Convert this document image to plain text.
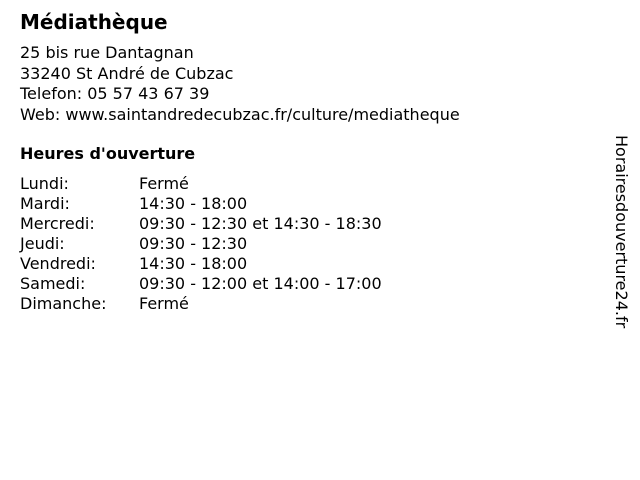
Médiathèque
25 bis rue Dantagnan
33240 St André de Cubzac
Telefon: 05 57 43 67 39
Web: www.saintandredecubzac.fr/culture/mediatheque
Heures d'ouverture
Lundi:	Fermé
Mardi:	14:30 - 18:00
Mercredi:	09:30 - 12:30 et 14:30 - 18:30
Jeudi:	09:30 - 12:30
Vendredi:	14:30 - 18:00
Samedi:	09:30 - 12:00 et 14:00 - 17:00
Dimanche: Fermé	Horairesdouverture24.fr
